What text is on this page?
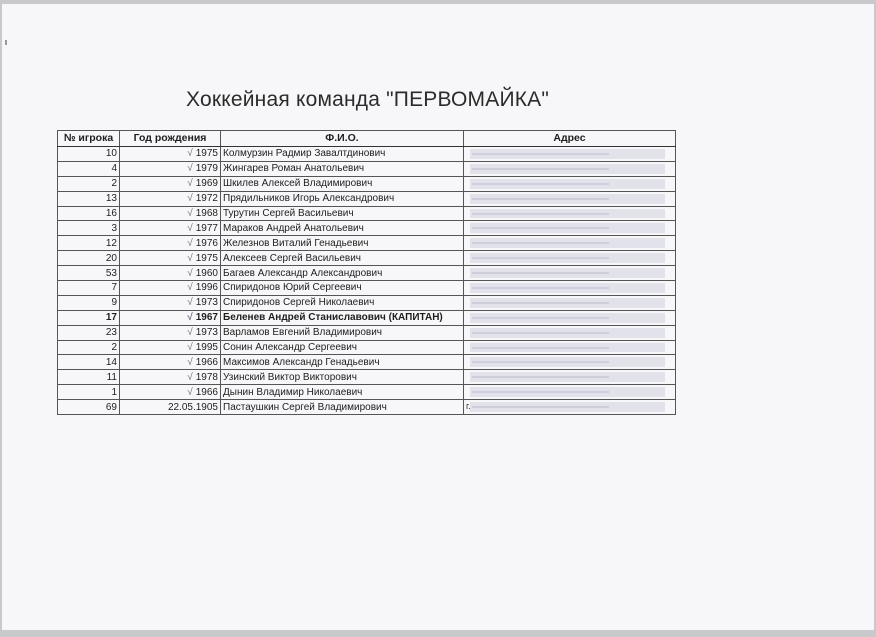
Хоккейная команда "ПЕРВОМАЙКА"
№ игрока	Год рождения	Ф.И.О.	Адрес
10	√ 1975	Колмурзин Радмир Завалтдинович	

4	√ 1979	Жингарев Роман Анатольевич	

2	√ 1969	Шкилев Алексей Владимирович	

13	√ 1972	Прядильников Игорь Александрович	

16	√ 1968	Турутин Сергей Васильевич	

3	√ 1977	Мараков Андрей Анатольевич	

12	√ 1976	Железнов Виталий Генадьевич	

20	√ 1975	Алексеев Сергей Васильевич	

53	√ 1960	Багаев Александр Александрович	

7	√ 1996	Спиридонов Юрий Сергеевич	

9	√ 1973	Спиридонов Сергей Николаевич	

17	√ 1967	Беленев Андрей Станиславович (КАПИТАН)	

23	√ 1973	Варламов Евгений Владимирович	

2	√ 1995	Сонин Александр Сергеевич	

14	√ 1966	Максимов Александр Генадьевич	

11	√ 1978	Узинский Виктор Викторович	

1	√ 1966	Дынин Владимир Николаевич	

69	22.05.1905	Пастаушкин Сергей Владимирович	г.
